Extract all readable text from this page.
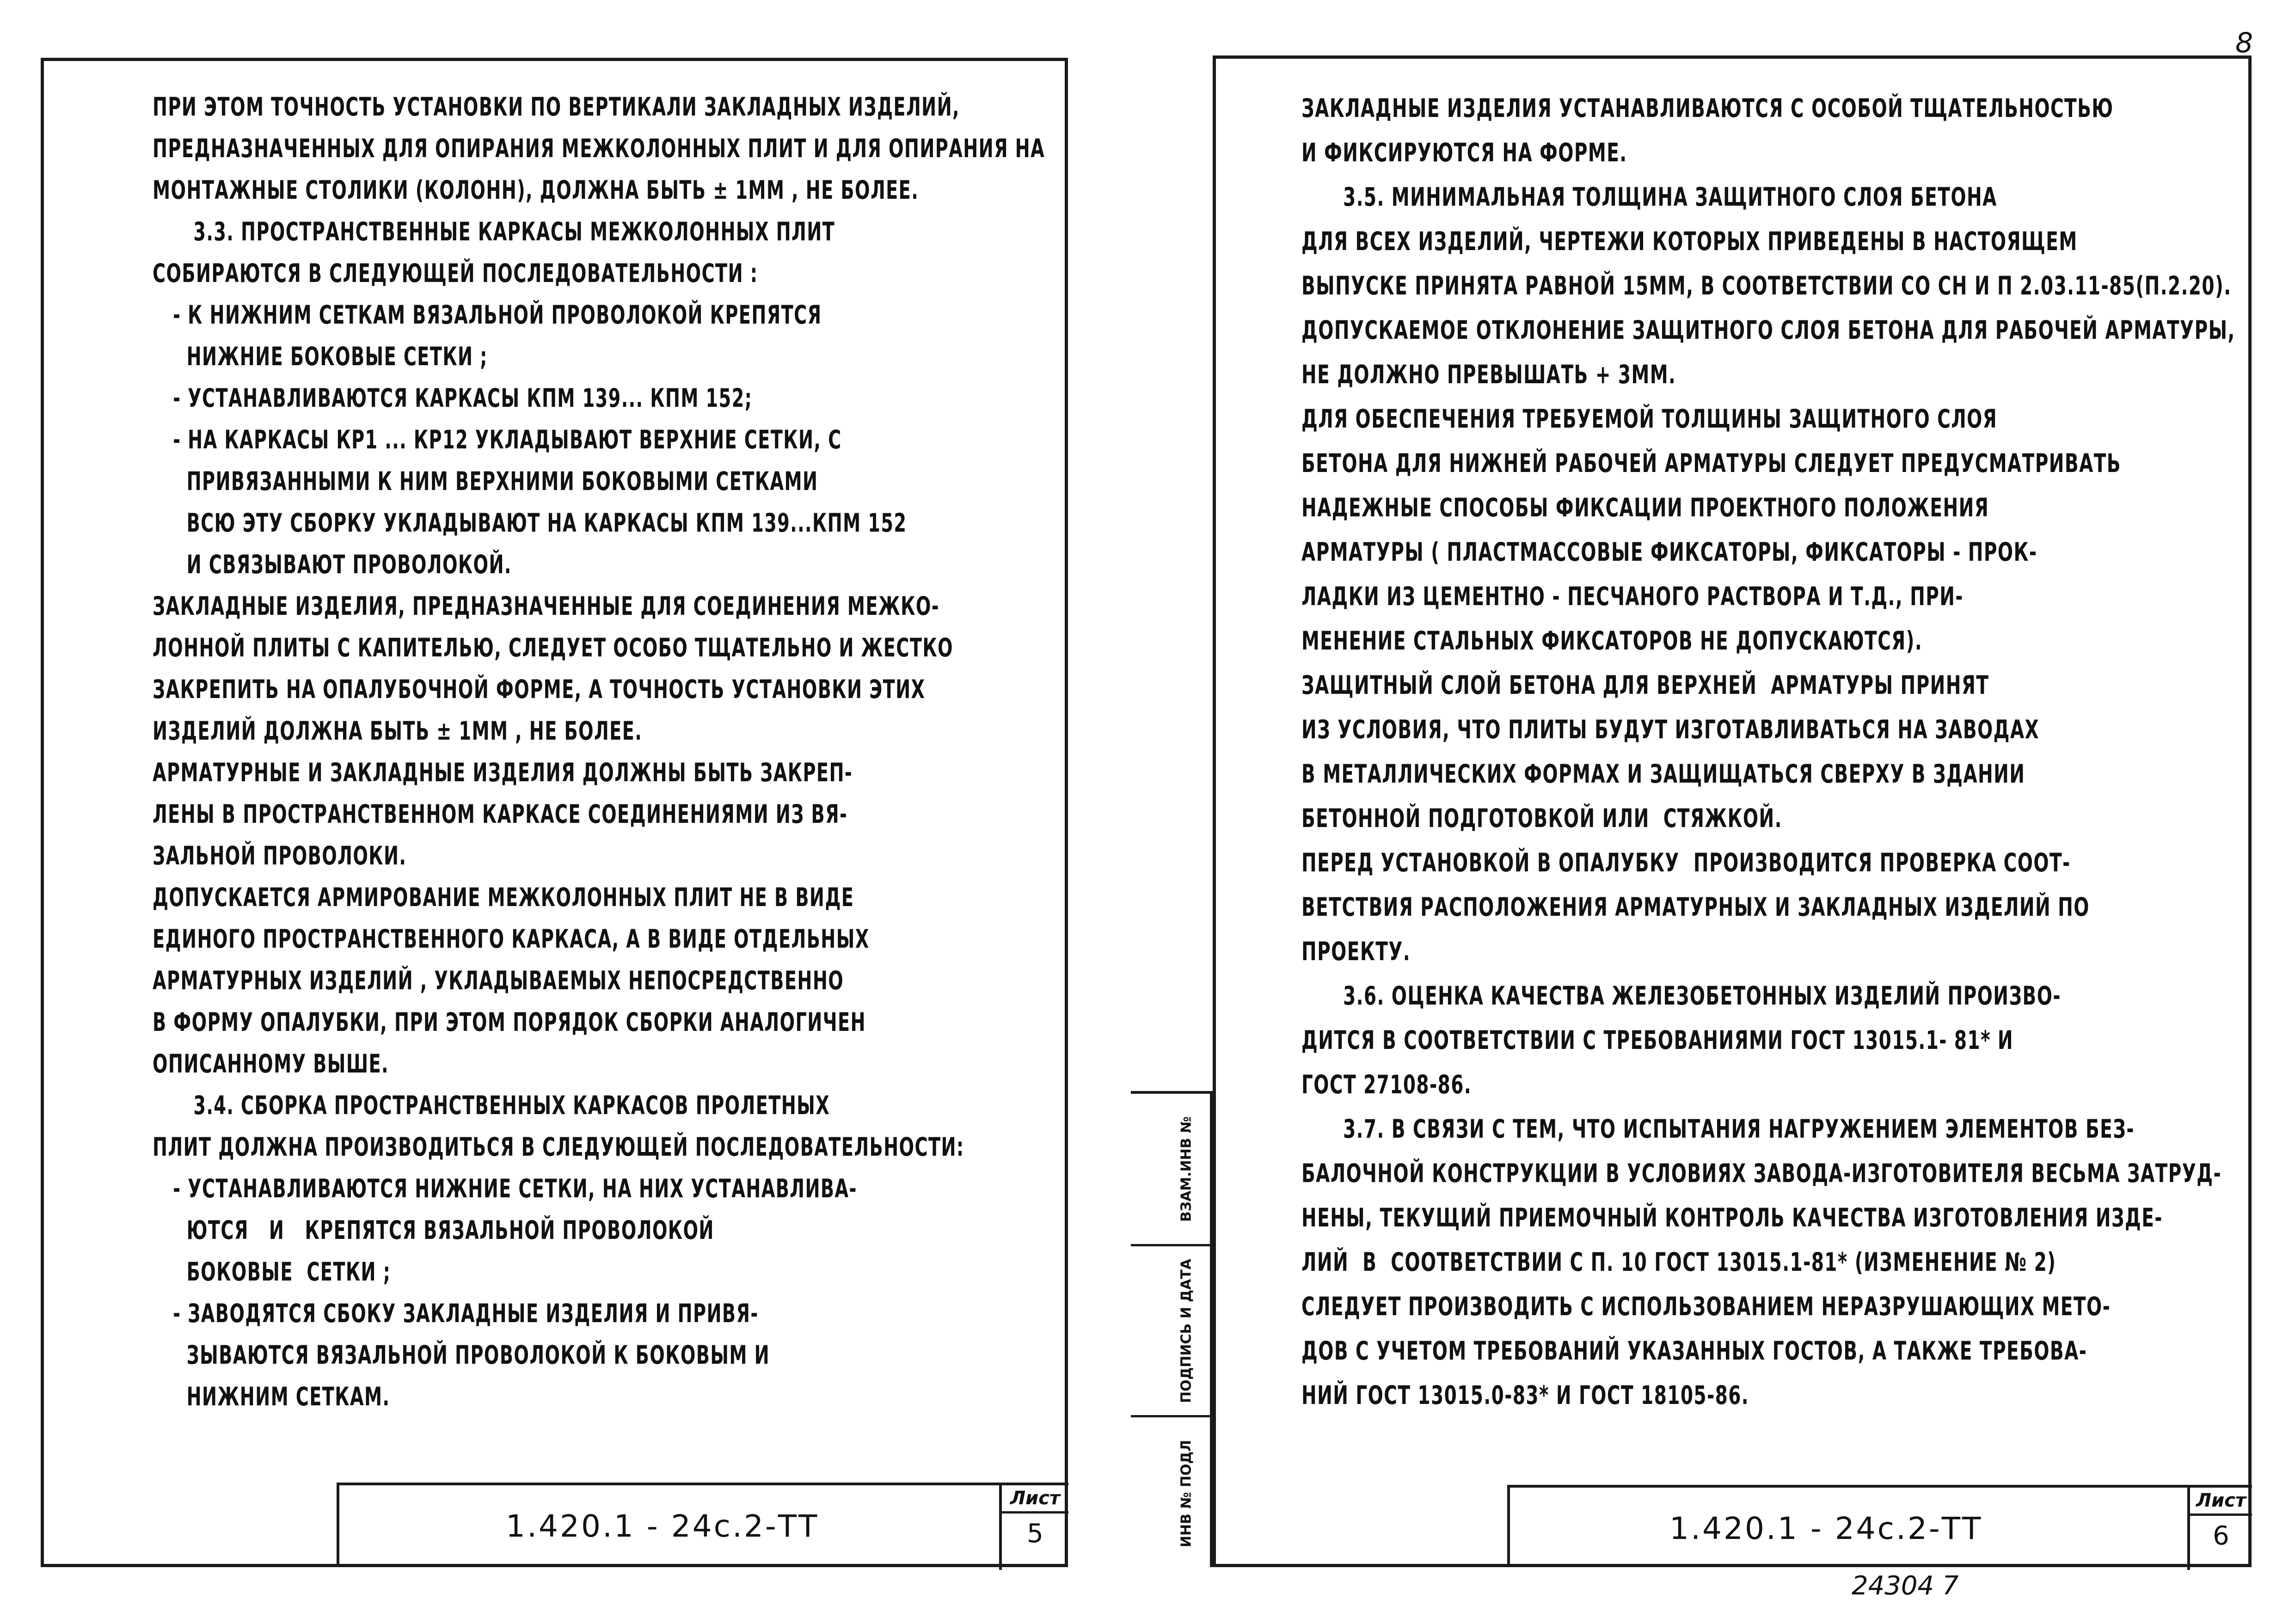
ПРИ ЭТОМ ТОЧНОСТЬ УСТАНОВКИ ПО ВЕРТИКАЛИ ЗАКЛАДНЫХ ИЗДЕЛИЙ,
ПРЕДНАЗНАЧЕННЫХ ДЛЯ ОПИРАНИЯ МЕЖКОЛОННЫХ ПЛИТ И ДЛЯ ОПИРАНИЯ НА
МОНТАЖНЫЕ СТОЛИКИ (КОЛОНН), ДОЛЖНА БЫТЬ ± 1ММ , НЕ БОЛЕЕ.
3.3. ПРОСТРАНСТВЕННЫЕ КАРКАСЫ МЕЖКОЛОННЫХ ПЛИТ
СОБИРАЮТСЯ В СЛЕДУЮЩЕЙ ПОСЛЕДОВАТЕЛЬНОСТИ :
- К НИЖНИМ СЕТКАМ ВЯЗАЛЬНОЙ ПРОВОЛОКОЙ КРЕПЯТСЯ
НИЖНИЕ БОКОВЫЕ СЕТКИ ;
- УСТАНАВЛИВАЮТСЯ КАРКАСЫ КПМ 139... КПМ 152;
- НА КАРКАСЫ КР1 ... КР12 УКЛАДЫВАЮТ ВЕРХНИЕ СЕТКИ, С
ПРИВЯЗАННЫМИ К НИМ ВЕРХНИМИ БОКОВЫМИ СЕТКАМИ
ВСЮ ЭТУ СБОРКУ УКЛАДЫВАЮТ НА КАРКАСЫ КПМ 139...КПМ 152
И СВЯЗЫВАЮТ ПРОВОЛОКОЙ.
ЗАКЛАДНЫЕ ИЗДЕЛИЯ, ПРЕДНАЗНАЧЕННЫЕ ДЛЯ СОЕДИНЕНИЯ МЕЖКО-
ЛОННОЙ ПЛИТЫ С КАПИТЕЛЬЮ, СЛЕДУЕТ ОСОБО ТЩАТЕЛЬНО И ЖЕСТКО
ЗАКРЕПИТЬ НА ОПАЛУБОЧНОЙ ФОРМЕ, А ТОЧНОСТЬ УСТАНОВКИ ЭТИХ
ИЗДЕЛИЙ ДОЛЖНА БЫТЬ ± 1ММ , НЕ БОЛЕЕ.
АРМАТУРНЫЕ И ЗАКЛАДНЫЕ ИЗДЕЛИЯ ДОЛЖНЫ БЫТЬ ЗАКРЕП-
ЛЕНЫ В ПРОСТРАНСТВЕННОМ КАРКАСЕ СОЕДИНЕНИЯМИ ИЗ ВЯ-
ЗАЛЬНОЙ ПРОВОЛОКИ.
ДОПУСКАЕТСЯ АРМИРОВАНИЕ МЕЖКОЛОННЫХ ПЛИТ НЕ В ВИДЕ
ЕДИНОГО ПРОСТРАНСТВЕННОГО КАРКАСА, А В ВИДЕ ОТДЕЛЬНЫХ
АРМАТУРНЫХ ИЗДЕЛИЙ , УКЛАДЫВАЕМЫХ НЕПОСРЕДСТВЕННО
В ФОРМУ ОПАЛУБКИ, ПРИ ЭТОМ ПОРЯДОК СБОРКИ АНАЛОГИЧЕН
ОПИСАННОМУ ВЫШЕ.
3.4. СБОРКА ПРОСТРАНСТВЕННЫХ КАРКАСОВ ПРОЛЕТНЫХ
ПЛИТ ДОЛЖНА ПРОИЗВОДИТЬСЯ В СЛЕДУЮЩЕЙ ПОСЛЕДОВАТЕЛЬНОСТИ:
- УСТАНАВЛИВАЮТСЯ НИЖНИЕ СЕТКИ, НА НИХ УСТАНАВЛИВА-
ЮТСЯ   И   КРЕПЯТСЯ ВЯЗАЛЬНОЙ ПРОВОЛОКОЙ
БОКОВЫЕ  СЕТКИ ;
- ЗАВОДЯТСЯ СБОКУ ЗАКЛАДНЫЕ ИЗДЕЛИЯ И ПРИВЯ-
ЗЫВАЮТСЯ ВЯЗАЛЬНОЙ ПРОВОЛОКОЙ К БОКОВЫМ И
НИЖНИМ СЕТКАМ.
1.420.1 - 24с.2-ТТ
Лист
5
ВЗАМ.ИНВ №
ПОДПИСЬ И ДАТА
ИНВ № ПОДЛ
ЗАКЛАДНЫЕ ИЗДЕЛИЯ УСТАНАВЛИВАЮТСЯ С ОСОБОЙ ТЩАТЕЛЬНОСТЬЮ
И ФИКСИРУЮТСЯ НА ФОРМЕ.
3.5. МИНИМАЛЬНАЯ ТОЛЩИНА ЗАЩИТНОГО СЛОЯ БЕТОНА
ДЛЯ ВСЕХ ИЗДЕЛИЙ, ЧЕРТЕЖИ КОТОРЫХ ПРИВЕДЕНЫ В НАСТОЯЩЕМ
ВЫПУСКЕ ПРИНЯТА РАВНОЙ 15ММ, В СООТВЕТСТВИИ СО СН И П 2.03.11-85(П.2.20).
ДОПУСКАЕМОЕ ОТКЛОНЕНИЕ ЗАЩИТНОГО СЛОЯ БЕТОНА ДЛЯ РАБОЧЕЙ АРМАТУРЫ,
НЕ ДОЛЖНО ПРЕВЫШАТЬ + 3ММ.
ДЛЯ ОБЕСПЕЧЕНИЯ ТРЕБУЕМОЙ ТОЛЩИНЫ ЗАЩИТНОГО СЛОЯ
БЕТОНА ДЛЯ НИЖНЕЙ РАБОЧЕЙ АРМАТУРЫ СЛЕДУЕТ ПРЕДУСМАТРИВАТЬ
НАДЕЖНЫЕ СПОСОБЫ ФИКСАЦИИ ПРОЕКТНОГО ПОЛОЖЕНИЯ
АРМАТУРЫ ( ПЛАСТМАССОВЫЕ ФИКСАТОРЫ, ФИКСАТОРЫ - ПРОК-
ЛАДКИ ИЗ ЦЕМЕНТНО - ПЕСЧАНОГО РАСТВОРА И Т.Д., ПРИ-
МЕНЕНИЕ СТАЛЬНЫХ ФИКСАТОРОВ НЕ ДОПУСКАЮТСЯ).
ЗАЩИТНЫЙ СЛОЙ БЕТОНА ДЛЯ ВЕРХНЕЙ  АРМАТУРЫ ПРИНЯТ
ИЗ УСЛОВИЯ, ЧТО ПЛИТЫ БУДУТ ИЗГОТАВЛИВАТЬСЯ НА ЗАВОДАХ
В МЕТАЛЛИЧЕСКИХ ФОРМАХ И ЗАЩИЩАТЬСЯ СВЕРХУ В ЗДАНИИ
БЕТОННОЙ ПОДГОТОВКОЙ ИЛИ  СТЯЖКОЙ.
ПЕРЕД УСТАНОВКОЙ В ОПАЛУБКУ  ПРОИЗВОДИТСЯ ПРОВЕРКА СООТ-
ВЕТСТВИЯ РАСПОЛОЖЕНИЯ АРМАТУРНЫХ И ЗАКЛАДНЫХ ИЗДЕЛИЙ ПО
ПРОЕКТУ.
3.6. ОЦЕНКА КАЧЕСТВА ЖЕЛЕЗОБЕТОННЫХ ИЗДЕЛИЙ ПРОИЗВО-
ДИТСЯ В СООТВЕТСТВИИ С ТРЕБОВАНИЯМИ ГОСТ 13015.1- 81* И
ГОСТ 27108-86.
3.7. В СВЯЗИ С ТЕМ, ЧТО ИСПЫТАНИЯ НАГРУЖЕНИЕМ ЭЛЕМЕНТОВ БЕЗ-
БАЛОЧНОЙ КОНСТРУКЦИИ В УСЛОВИЯХ ЗАВОДА-ИЗГОТОВИТЕЛЯ ВЕСЬМА ЗАТРУД-
НЕНЫ, ТЕКУЩИЙ ПРИЕМОЧНЫЙ КОНТРОЛЬ КАЧЕСТВА ИЗГОТОВЛЕНИЯ ИЗДЕ-
ЛИЙ  В  СООТВЕТСТВИИ С П. 10 ГОСТ 13015.1-81* (ИЗМЕНЕНИЕ № 2)
СЛЕДУЕТ ПРОИЗВОДИТЬ С ИСПОЛЬЗОВАНИЕМ НЕРАЗРУШАЮЩИХ МЕТО-
ДОВ С УЧЕТОМ ТРЕБОВАНИЙ УКАЗАННЫХ ГОСТОВ, А ТАКЖЕ ТРЕБОВА-
НИЙ ГОСТ 13015.0-83* И ГОСТ 18105-86.
1.420.1 - 24с.2-ТТ
Лист
6
8
24304 7
